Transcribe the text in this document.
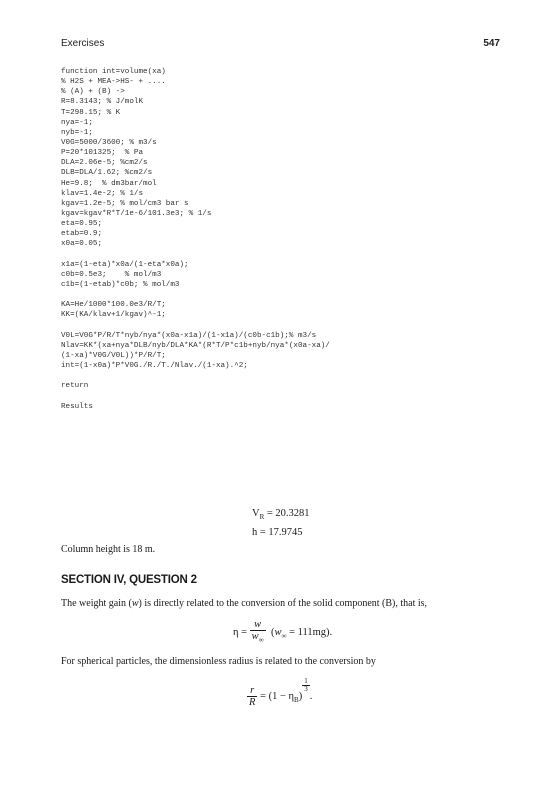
Exercises	547
function int=volume(xa)
% H2S + MEA->HS- + ....
% (A) + (B) ->
R=8.3143; % J/molK
T=298.15; % K
nya=-1;
nyb=-1;
V0G=5000/3600; % m3/s
P=20*101325;  % Pa
DLA=2.06e-5; %cm2/s
DLB=DLA/1.62; %cm2/s
He=9.8;  % dm3bar/mol
klav=1.4e-2; % 1/s
kgav=1.2e-5; % mol/cm3 bar s
kgav=kgav*R*T/1e-6/101.3e3; % 1/s
eta=0.95;
etab=0.9;
x0a=0.05;
x1a=(1-eta)*x0a/(1-eta*x0a);
c0b=0.5e3;    % mol/m3
c1b=(1-etab)*c0b; % mol/m3
KA=He/1000*100.0e3/R/T;
KK=(KA/klav+1/kgav)^-1;
V0L=V0G*P/R/T*nyb/nya*(x0a-x1a)/(1-x1a)/(c0b-c1b);% m3/s
Nlav=KK*(xa+nya*DLB/nyb/DLA*KA*(R*T/P*c1b+nyb/nya*(x0a-xa)/
(1-xa)*V0G/V0L))*P/R/T;
int=(1-x0a)*P*V0G./R./T./Nlav./(1-xa).^2;
return
Results
$V_R = 20.3281$
h = 17.9745
Column height is 18 m.
SECTION IV, QUESTION 2
The weight gain (w) is directly related to the conversion of the solid component (B), that is,
$\eta = \frac{w}{w_\infty} (w_\infty = 111mg)$.
For spherical particles, the dimensionless radius is related to the conversion by
$\frac{r}{R} = (1 - \eta_B)$
$\frac{1}{3}$
.
